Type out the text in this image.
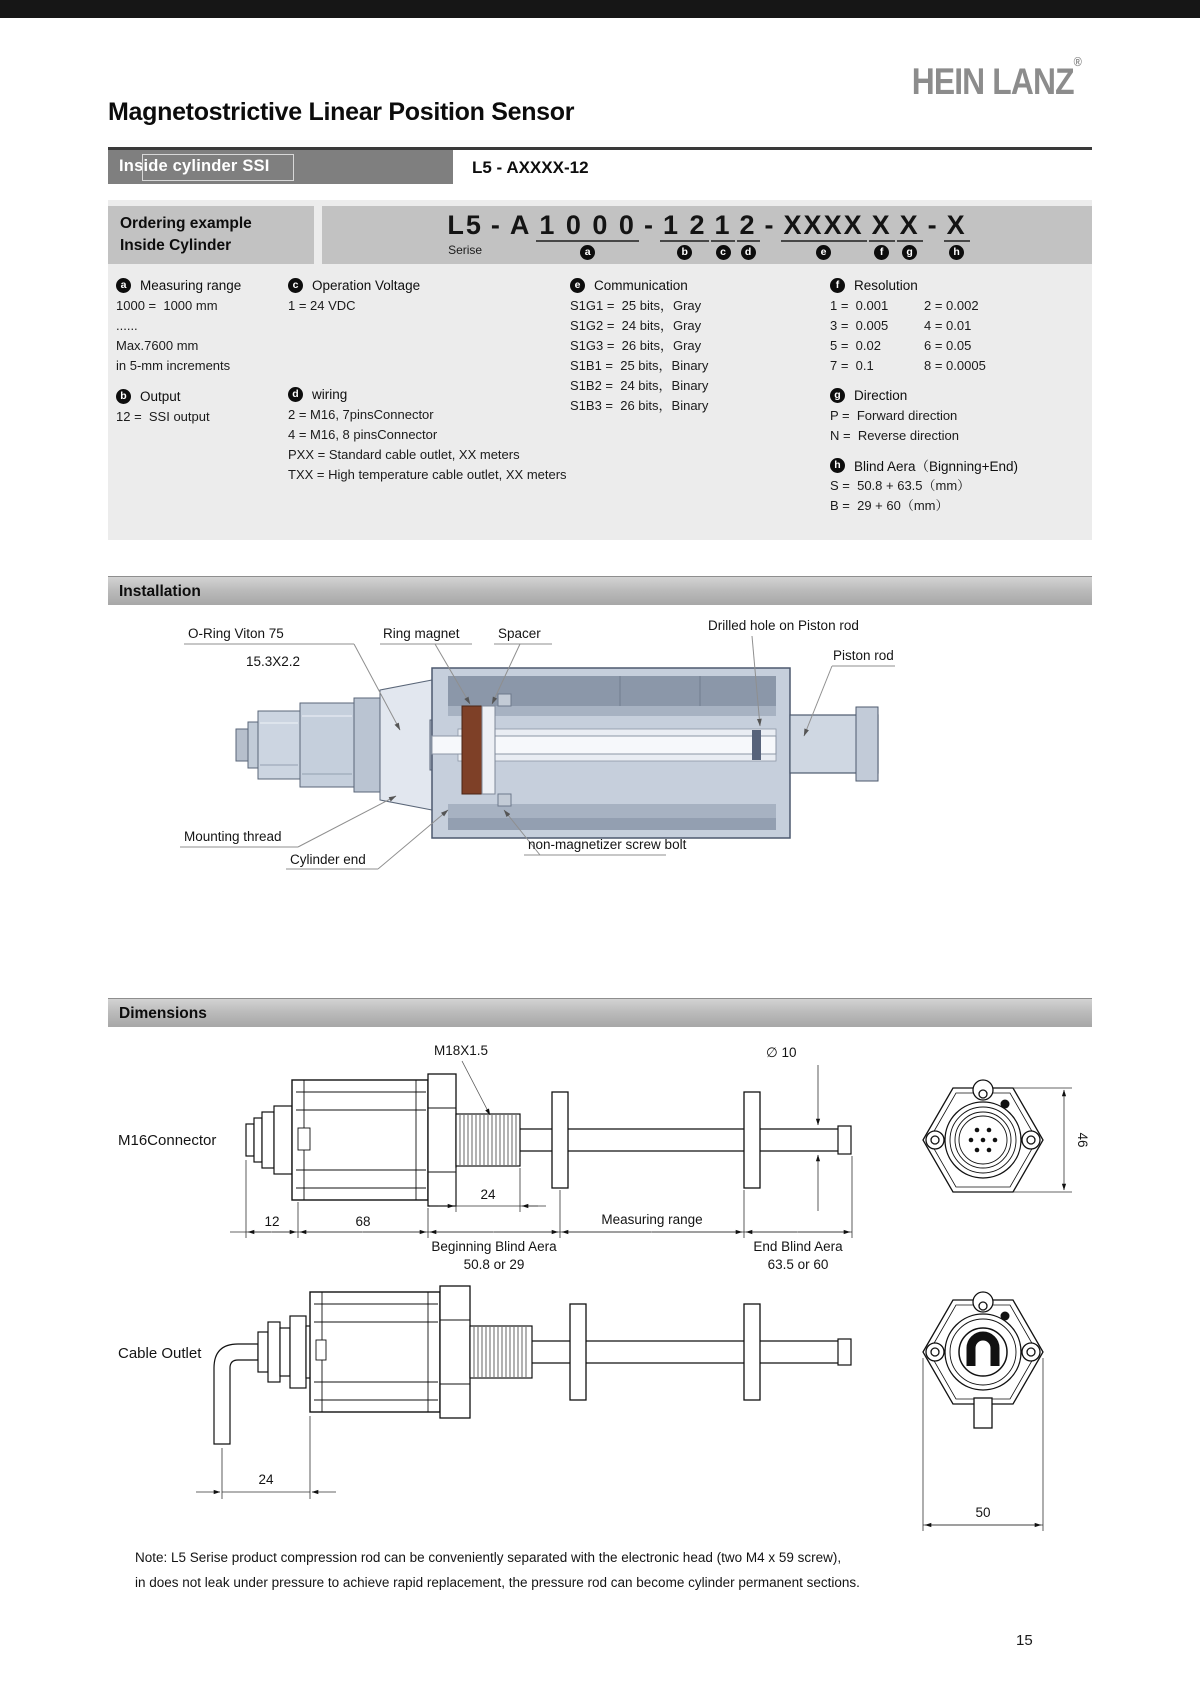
HEIN LANZ®
Magnetostrictive Linear Position Sensor
Inside cylinder SSI	L5 - AXXXX-12
Ordering example
Inside Cylinder
L5
Serise
- A 1 0 0 0
a
- 1 2
b
1
c
2
d
- XXXX
e
X
f
X
g
- X
h
a	Measuring range
1000 =  1000 mm
......
Max.7600 mm
in 5-mm increments
b Output
12 =  SSI output
c	Operation Voltage
1 = 24 VDC
d wiring
2 = M16, 7pinsConnector
4 = M16, 8 pinsConnector
PXX = Standard cable outlet, XX meters
TXX = High temperature cable outlet, XX meters
e	Communication
S1G1 =  25 bits，Gray
S1G2 =  24 bits，Gray
S1G3 =  26 bits，Gray
S1B1 =  25 bits，Binary
S1B2 =  24 bits，Binary
S1B3 =  26 bits，Binary
f	Resolution
1 =  0.001	2 = 0.002
3 =  0.005	4 = 0.01
5 =  0.02	6 = 0.05
7 =  0.1	8 = 0.0005
g Direction
P =  Forward direction
N =  Reverse direction
h Blind Aera（Bignning+End)
S =  50.8 + 63.5（mm）
B =  29 + 60（mm）
Installation
O-Ring Viton 75
15.3X2.2
Ring magnet	Spacer
Drilled hole on Piston rod
Piston rod
Mounting thread
Cylinder end
non-magnetizer screw bolt
Dimensions
M16Connector
M18X1.5	∅ 10
24
12	68	Measuring range
Beginning Blind Aera
50.8 or 29
End Blind Aera
63.5 or 60
46
Cable Outlet
24
50
Note: L5 Serise product compression rod can be conveniently separated with the electronic head (two M4 x 59 screw),
in does not leak under pressure to achieve rapid replacement, the pressure rod can become cylinder permanent sections.
15
